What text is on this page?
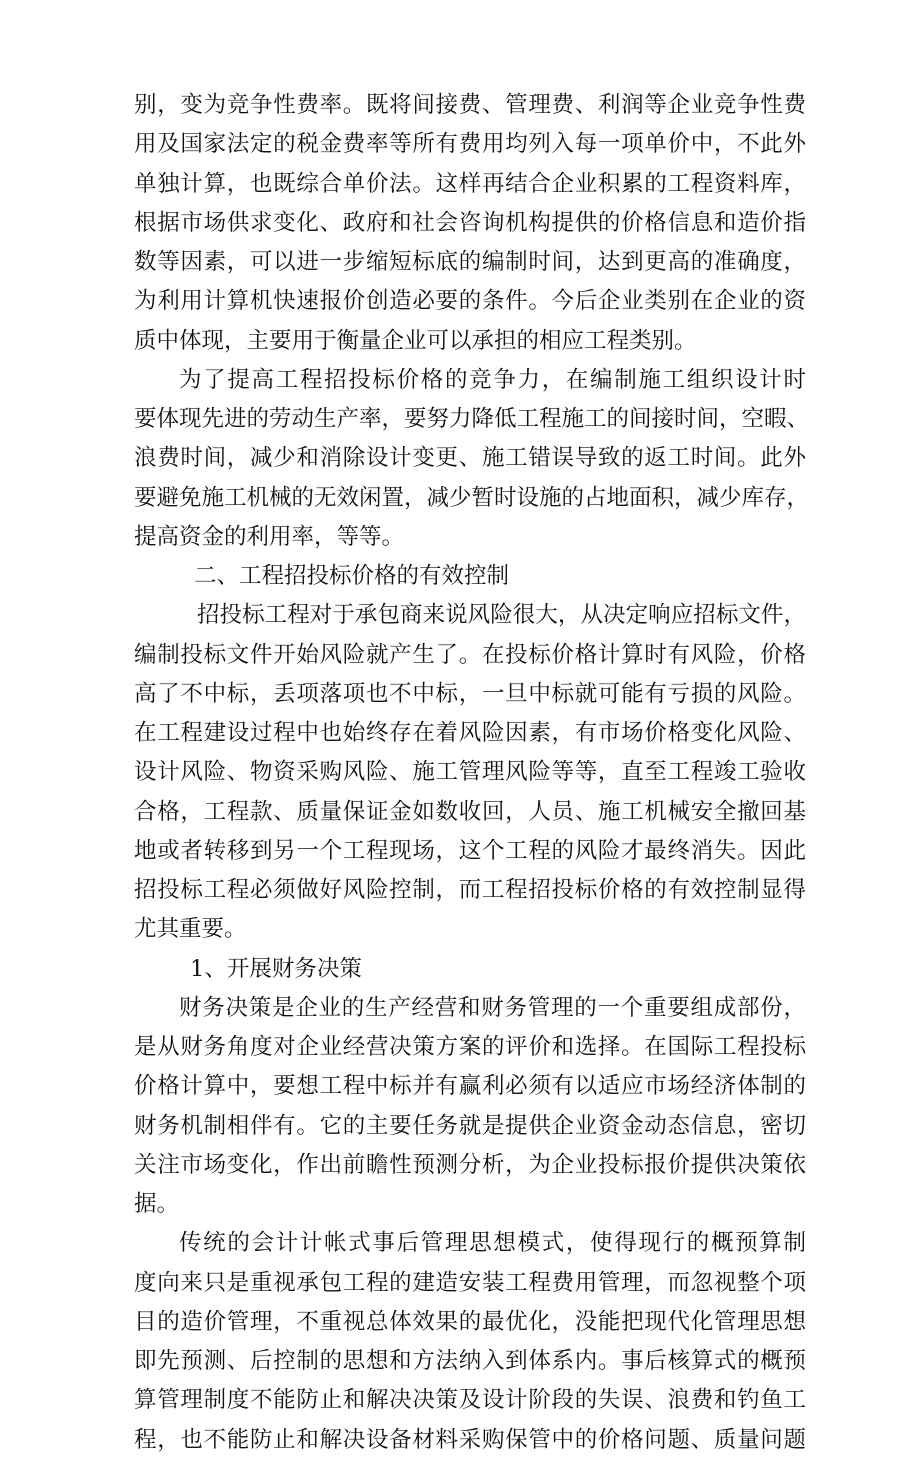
别，变为竞争性费率。既将间接费、管理费、利润等企业竞争性费
用及国家法定的税金费率等所有费用均列入每一项单价中，不此外
单独计算，也既综合单价法。这样再结合企业积累的工程资料库，
根据市场供求变化、政府和社会咨询机构提供的价格信息和造价指
数等因素，可以进一步缩短标底的编制时间，达到更高的准确度，
为利用计算机快速报价创造必要的条件。今后企业类别在企业的资
质中体现，主要用于衡量企业可以承担的相应工程类别。
为了提高工程招投标价格的竞争力，在编制施工组织设计时
要体现先进的劳动生产率，要努力降低工程施工的间接时间，空暇、
浪费时间，减少和消除设计变更、施工错误导致的返工时间。此外
要避免施工机械的无效闲置，减少暂时设施的占地面积，减少库存，
提高资金的利用率，等等。
二、工程招投标价格的有效控制
招投标工程对于承包商来说风险很大，从决定响应招标文件，
编制投标文件开始风险就产生了。在投标价格计算时有风险，价格
高了不中标，丢项落项也不中标，一旦中标就可能有亏损的风险。
在工程建设过程中也始终存在着风险因素，有市场价格变化风险、
设计风险、物资采购风险、施工管理风险等等，直至工程竣工验收
合格，工程款、质量保证金如数收回，人员、施工机械安全撤回基
地或者转移到另一个工程现场，这个工程的风险才最终消失。因此
招投标工程必须做好风险控制，而工程招投标价格的有效控制显得
尤其重要。
1、开展财务决策
财务决策是企业的生产经营和财务管理的一个重要组成部份，
是从财务角度对企业经营决策方案的评价和选择。在国际工程投标
价格计算中，要想工程中标并有赢利必须有以适应市场经济体制的
财务机制相伴有。它的主要任务就是提供企业资金动态信息，密切
关注市场变化，作出前瞻性预测分析，为企业投标报价提供决策依
据。
传统的会计计帐式事后管理思想模式，使得现行的概预算制
度向来只是重视承包工程的建造安装工程费用管理，而忽视整个项
目的造价管理，不重视总体效果的最优化，没能把现代化管理思想
即先预测、后控制的思想和方法纳入到体系内。事后核算式的概预
算管理制度不能防止和解决决策及设计阶段的失误、浪费和钓鱼工
程，也不能防止和解决设备材料采购保管中的价格问题、质量问题
